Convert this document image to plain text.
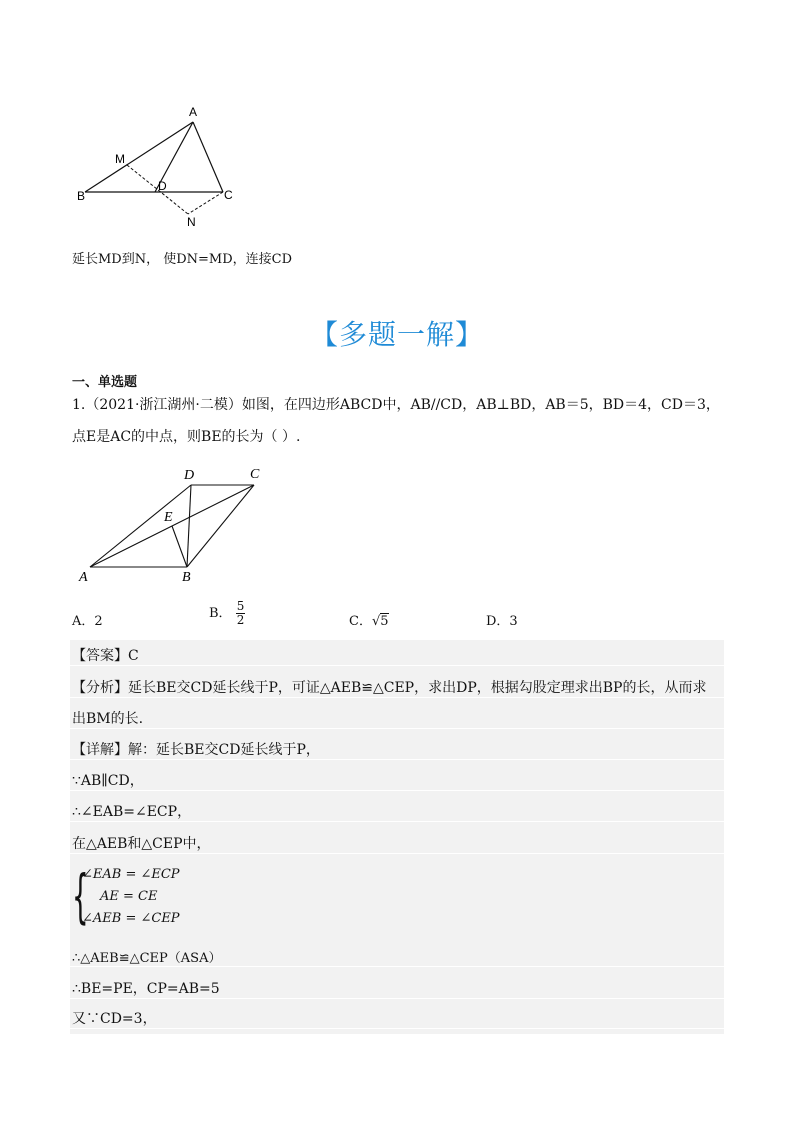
A
M
B
D
C
N
延长MD到N， 使DN=MD，连接CD
【多题一解】
一、单选题
1.（2021·浙江湖州·二模）如图，在四边形ABCD中，AB//CD，AB⊥BD，AB＝5，BD＝4，CD＝3，
点E是AC的中点，则BE的长为（ ）.
D	C
E
A	B
A．2
B． $\frac{5}{2}$	C．√5	D．3
【答案】C
【分析】延长BE交CD延长线于P，可证△AEB≌△CEP，求出DP，根据勾股定理求出BP的长，从而求
出BM的长.
【详解】解：延长BE交CD延长线于P，
∵AB∥CD，
∴∠EAB=∠ECP，
在△AEB和△CEP中，
{
∠EAB = ∠ECP
AE = CE
∠AEB = ∠CEP
∴△AEB≌△CEP（ASA）
∴BE=PE，CP=AB=5
又∵CD=3，
